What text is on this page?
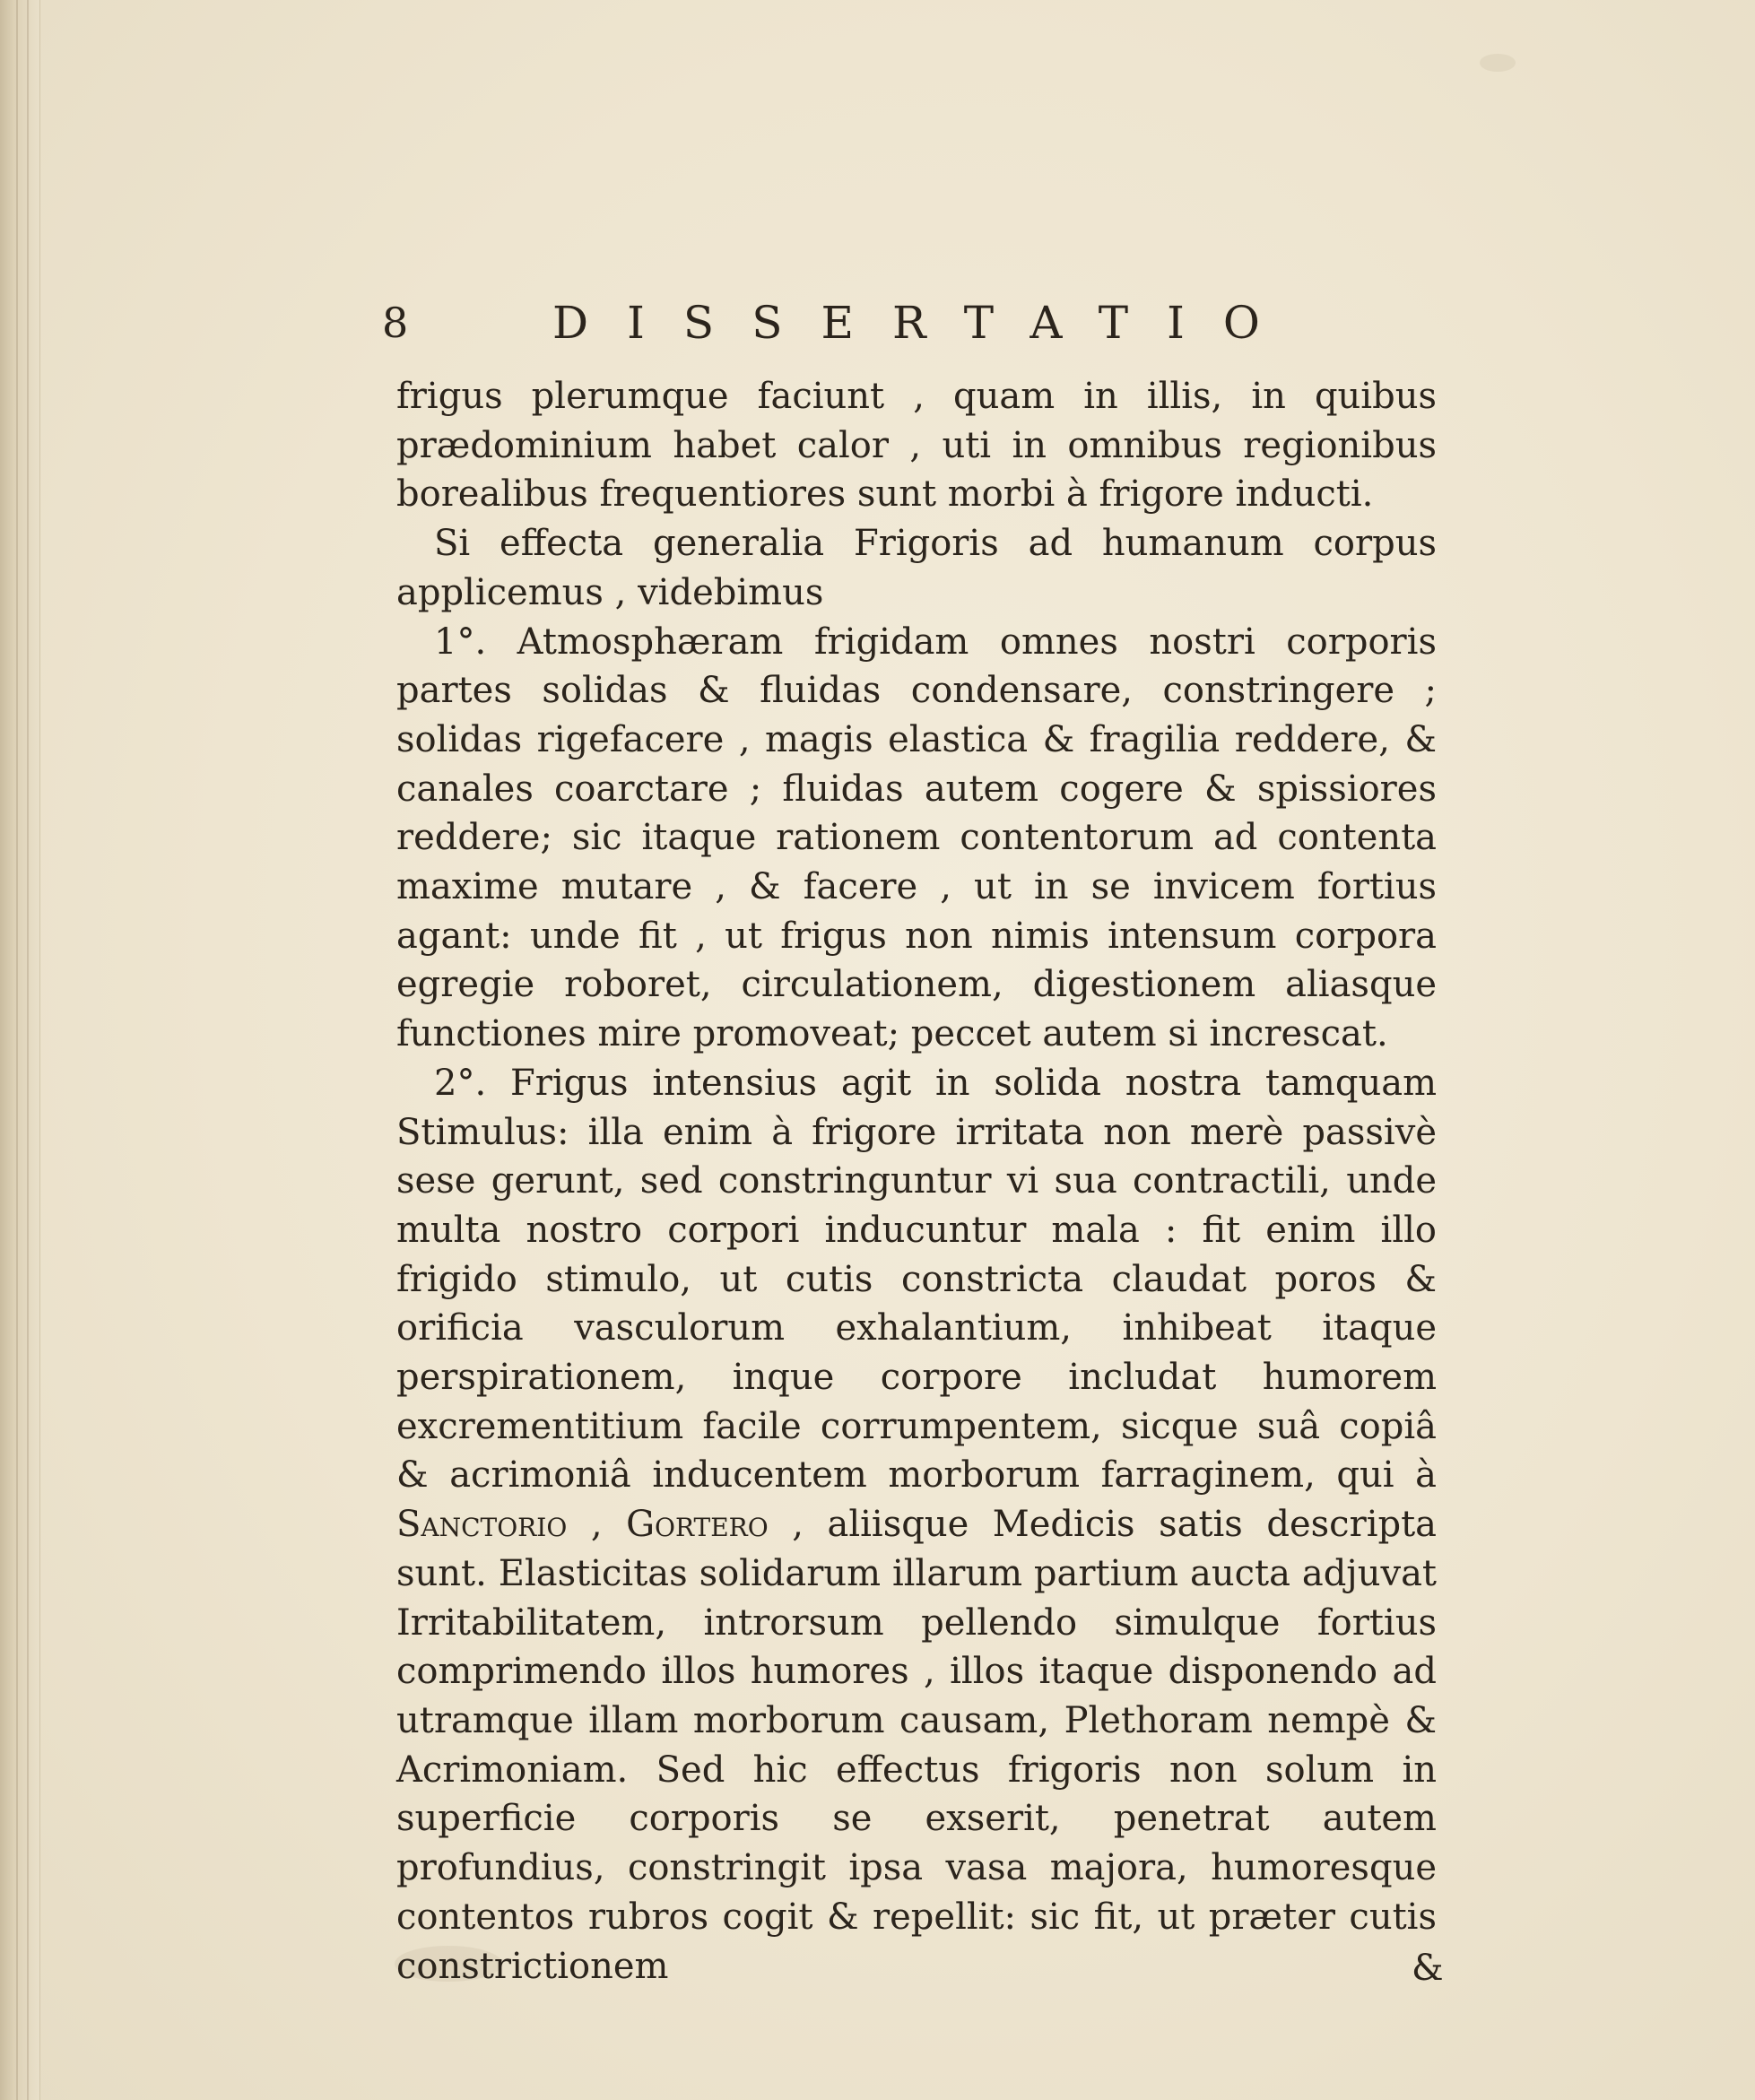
8	DISSERTATIO

frigus plerumque faciunt , quam in illis, in quibus prædominium habet calor , uti in omnibus regionibus borealibus frequentiores sunt morbi à frigore inducti.

Si effecta generalia Frigoris ad humanum corpus applicemus , videbimus

1°. Atmosphæram frigidam omnes nostri corporis partes solidas & fluidas condensare, constringere ; solidas rigefacere , magis elastica & fragilia reddere, & canales coarctare ; fluidas autem cogere & spissiores reddere; sic itaque rationem contentorum ad contenta maxime mutare , & facere , ut in se invicem fortius agant: unde fit , ut frigus non nimis intensum corpora egregie roboret, circulationem, digestionem aliasque functiones mire promoveat; peccet autem si increscat.

2°. Frigus intensius agit in solida nostra tamquam Stimulus: illa enim à frigore irritata non merè passivè sese gerunt, sed constringuntur vi sua contractili, unde multa nostro corpori inducuntur mala : fit enim illo frigido stimulo, ut cutis constricta claudat poros & orificia vasculorum exhalantium, inhibeat itaque perspirationem, inque corpore includat humorem excrementitium facile corrumpentem, sicque suâ copiâ & acrimoniâ inducentem morborum farraginem, qui à Sanctorio , Gortero , aliisque Medicis satis descripta sunt. Elasticitas solidarum illarum partium aucta adjuvat Irritabilitatem, introrsum pellendo simulque fortius comprimendo illos humores , illos itaque disponendo ad utramque illam morborum causam, Plethoram nempè & Acrimoniam. Sed hic effectus frigoris non solum in superficie corporis se exserit, penetrat autem profundius, constringit ipsa vasa majora, humoresque contentos rubros cogit & repellit: sic fit, ut præter cutis constrictionem	&
